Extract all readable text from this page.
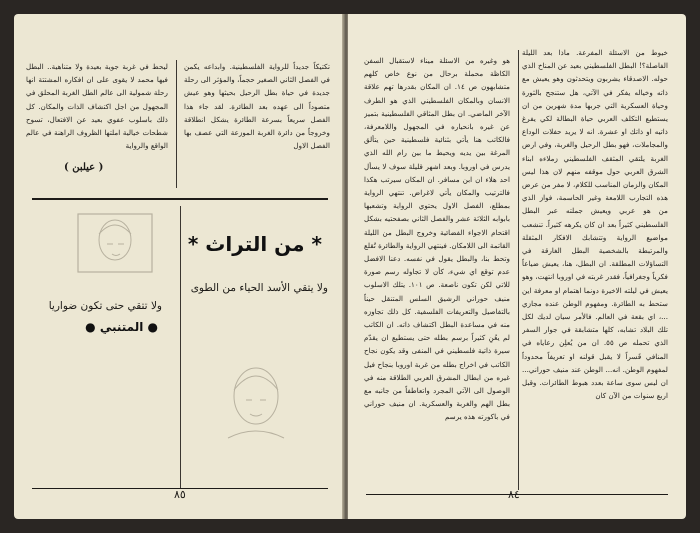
تكتيكاً جديداً للرواية الفلسطينية. وابداعه يكمن في الفصل الثاني الصغير حجماً، والمؤثر الى رحلة جديدة في حياة بطل الرحيل بحيثها وهو عيش متصوداً الى عهده بعد الطائرة. لقد جاء هذا الفصل سريعاً بسرعة الطائرة يشكل انطلاقة وخروجاً من دائرة الغربة الموزعة التي عصف بها الفصل الاول

ليحط في غربة جوية بعيدة ولا متناهية.. البطل فيها محمد لا يقوى على ان افكاره المشتتة انها رحلة شمولية الى عالم الطل الغربة المحلق في المجهول من اجل اكتشاف الذات والمكان. كل ذلك باسلوب عفوي بعيد عن الافتعال، تسوح شطحات خيالية املتها الظروف الراهنة في عالم الواقع والرواية

( عيلبن )
* من التراث *
ولا يتقي الأسد الحياء من الطوى
ولا تتقي حتى تكون ضواريا
● المتنبي ●
٨٥

خيوط من الاسئلة المفرعة. ماذا بعد الليلة الفاصلة؟! البطل الفلسطيني بعيد عن المناخ الذي حوله. الاصدقاء يشربون ويتحدثون وهو يعيش مع ذاته وخياله يفكر في الآتي، هل ستنجح بالثورة وحياة العسكرية التي جربها مدة شهرين من ان يستطيع التكلف العربي حياة البطالة لكي يفرغ ذاتيه او ذاتك او عشرة. انه لا يريد حفلات الوداع والمجاملات، فهو بطل الرحيل والغربة، وفي ارض الغربة يلتقي المثقف الفلسطيني زملاءه ابناء الشرق العربي حول موقفه منهم لان هذا ليس المكان والزمان المناسب للكلام، لا مفر من عرض هذه التجارب اللامعة وغير الحاسمة، فواز الذي من هو عربي ويعيش جملته عبر البطل الفلسطيني كثيراً بعد ان كان يكرهه كثيراً. تنشعب مواضيع الرواية وتتشابك الافكار المثقلة والمرتبطة بالشخصية البطل الغارقة في التساؤلات المطلقة. ان البطل، هنا، يعيش ضياعاً فكرياً وجغرافياً، فقدر غربته في اوروبا انتهت، وهو يعيش في ليلته الاخيرة دونما اهتمام او معرفة اين ستحط به الطائرة. ومفهوم الوطن عنده مجازي ...، اي بقعة في العالم. فالأمر سيان لديك لكل تلك البلاد تشابه، كلها متشابقة في جوار السفر الذي تحمله ص ٥٥. ان من يُعلِن رعاياه في المنافي قَسراً لا يقبل قولنه او تعريفاً محدوداً لمفهوم الوطن. انه... الوطن عند منيف حوراني... ان ليس سوى ساعة بعدد هبوط الطائرات. وقبل اربع سنوات من الآن كان

هو وغيره من الاسئلة ميناء لاستقبال السفن الكاظة محملة برحال من نوع خاص كلهم متشابهون ص ١٤. ان المكان بقدرها تهم علاقة الانسان وبالمكان الفلسطيني الذي هو الطرف الآخر الماضي. ان بطل المثاقي الفلسطينية بتميز عن غيره بانحياره في المجهول واللامعرفة، فالكاتب هنا يأتي بثنائية فلسطينية حين يتألق المرغة بين يديه ويحيط ما بين رام الله الذي يدرس في اوروبا. وبعد اشهر قليلة سوف لا يسأل احد هلاء ان ابن مسافر. ان المكان سيرتب هكذا فالترتيب والمكان يأتي لاغراض. تنتهي الرواية بمطلع، الفصل الاول يحتوي الرواية وتشعبها بابوابه الثلاثة عشر والفصل الثاني بصفحتيه بشكل اقتحام الاجواء الفضائية وخروج البطل من الليلة القاتمة الى اللامكان. فينتهي الرواية والطائرة تُقلع وتحط بنا، والبطل يقول في نفسه. دعنا الافضل عدم توقع اي شيء، كأن لا تجاوله رسم صورة للاتي لكن تكون ناصعة. ص ١٠١. يتلك الاسلوب منيف حوراني الرشيق السلس المتنقل حيناً بالتفاصيل والتعريفات الفلسفية. كل ذلك تجاوزه منه في مساعدة البطل اكتشاف ذاته. ان الكاتب لم يعُنِ كثيراً برسم بطله حتى يستطيع ان يقدّم سيرة ذاتية فلسطيني في المنفى وقد يكون نجاح الكاتب في اخراج بطله من غربة اوروبا بنجاح فيل غيره من ابطال المشرق العربي الطلاقة منه في الوصول الى الآتي المجرد واتعاطفاً من جانبه مع بطل الهم والغربة والعسكرية. ان منيف حوراني في باكورته هذه يرسم

٨٤
